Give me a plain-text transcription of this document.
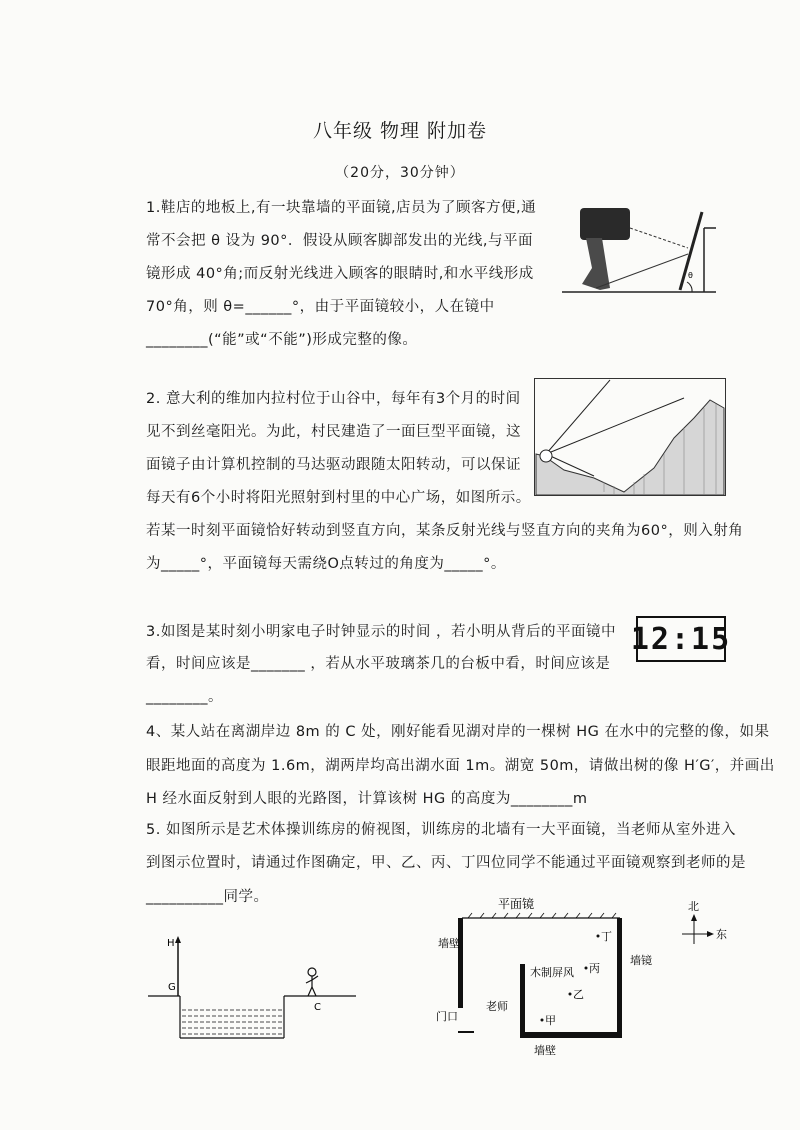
八年级 物理 附加卷
（20分，30分钟）
1.鞋店的地板上,有一块靠墙的平面镜,店员为了顾客方便,通
常不会把 θ 设为 90°．假设从顾客脚部发出的光线,与平面
镜形成 40°角;而反射光线进入顾客的眼睛时,和水平线形成
70°角，则 θ=______°，由于平面镜较小，人在镜中
________(“能”或“不能”)形成完整的像。
θ
2. 意大利的维加内拉村位于山谷中，每年有3个月的时间
见不到丝毫阳光。为此，村民建造了一面巨型平面镜，这
面镜子由计算机控制的马达驱动跟随太阳转动，可以保证
每天有6个小时将阳光照射到村里的中心广场，如图所示。
若某一时刻平面镜恰好转动到竖直方向，某条反射光线与竖直方向的夹角为60°，则入射角
为_____°，平面镜每天需绕O点转过的角度为_____°。
3.如图是某时刻小明家电子时钟显示的时间 ，若小明从背后的平面镜中
看，时间应该是_______ ，若从水平玻璃茶几的台板中看，时间应该是
________。
12:15
4、某人站在离湖岸边 8m 的 C 处，刚好能看见湖对岸的一棵树 HG 在水中的完整的像，如果
眼距地面的高度为 1.6m，湖两岸均高出湖水面 1m。湖宽 50m，请做出树的像 H′G′，并画出
H 经水面反射到人眼的光路图，计算该树 HG 的高度为________m
H
G
C
5. 如图所示是艺术体操训练房的俯视图，训练房的北墙有一大平面镜，当老师从室外进入
到图示位置时，请通过作图确定，甲、乙、丙、丁四位同学不能通过平面镜观察到老师的是
__________同学。	平面镜
墙壁
墙镜
墙壁
门口
木制屏风
老师
丁
丙
乙
甲
北
东
